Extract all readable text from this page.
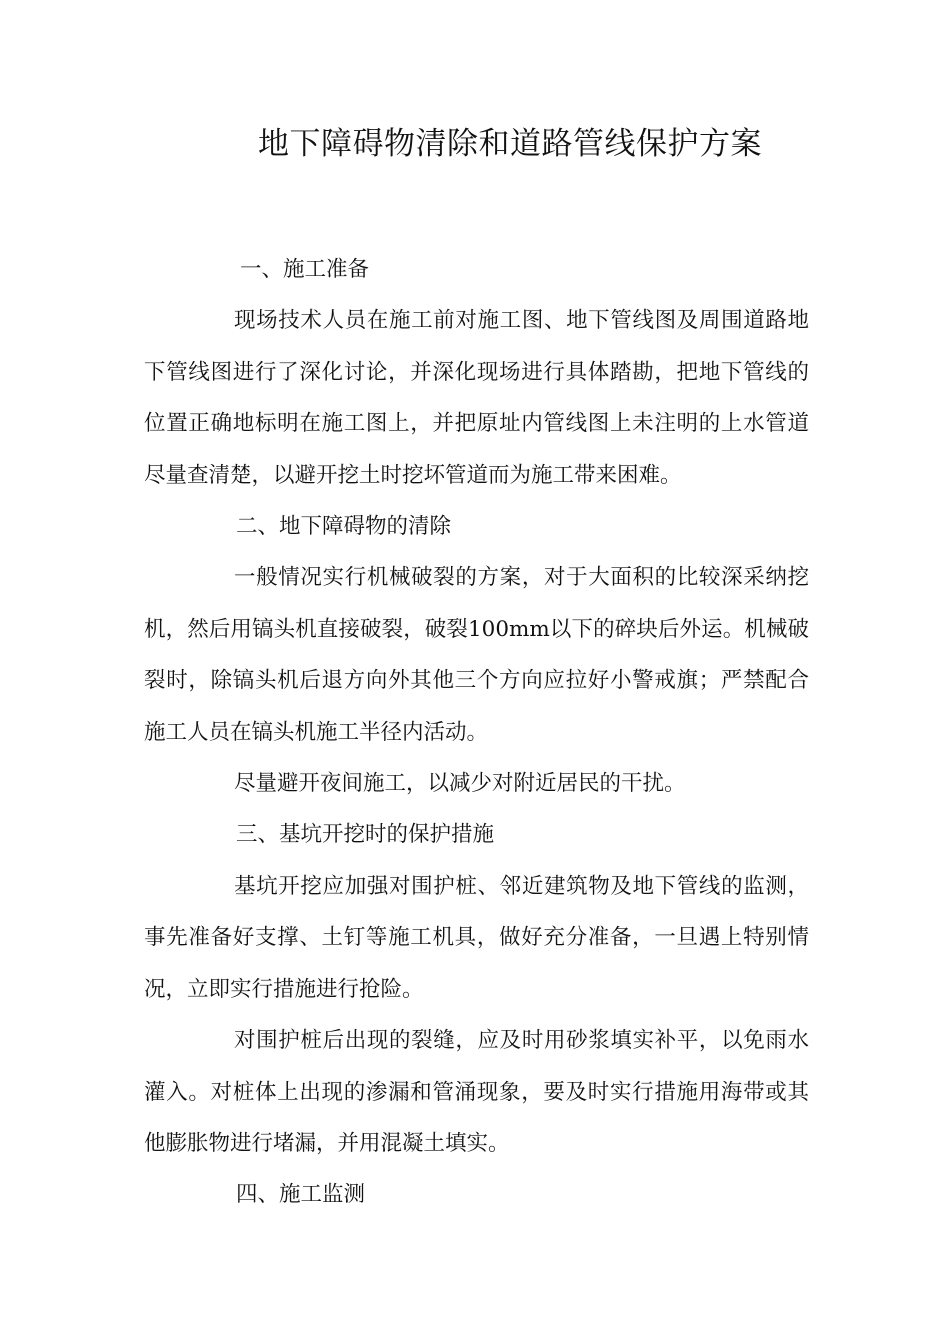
地下障碍物清除和道路管线保护方案

一、施工准备

现场技术人员在施工前对施工图、地下管线图及周围道路地下管线图进行了深化讨论，并深化现场进行具体踏勘，把地下管线的位置正确地标明在施工图上，并把原址内管线图上未注明的上水管道尽量查清楚，以避开挖土时挖坏管道而为施工带来困难。

二、地下障碍物的清除

一般情况实行机械破裂的方案，对于大面积的比较深采纳挖机，然后用镐头机直接破裂，破裂100mm以下的碎块后外运。机械破裂时，除镐头机后退方向外其他三个方向应拉好小警戒旗；严禁配合施工人员在镐头机施工半径内活动。

尽量避开夜间施工，以减少对附近居民的干扰。

三、基坑开挖时的保护措施

基坑开挖应加强对围护桩、邻近建筑物及地下管线的监测，事先准备好支撑、土钉等施工机具，做好充分准备，一旦遇上特别情况，立即实行措施进行抢险。

对围护桩后出现的裂缝，应及时用砂浆填实补平，以免雨水灌入。对桩体上出现的渗漏和管涌现象，要及时实行措施用海带或其他膨胀物进行堵漏，并用混凝土填实。

四、施工监测
